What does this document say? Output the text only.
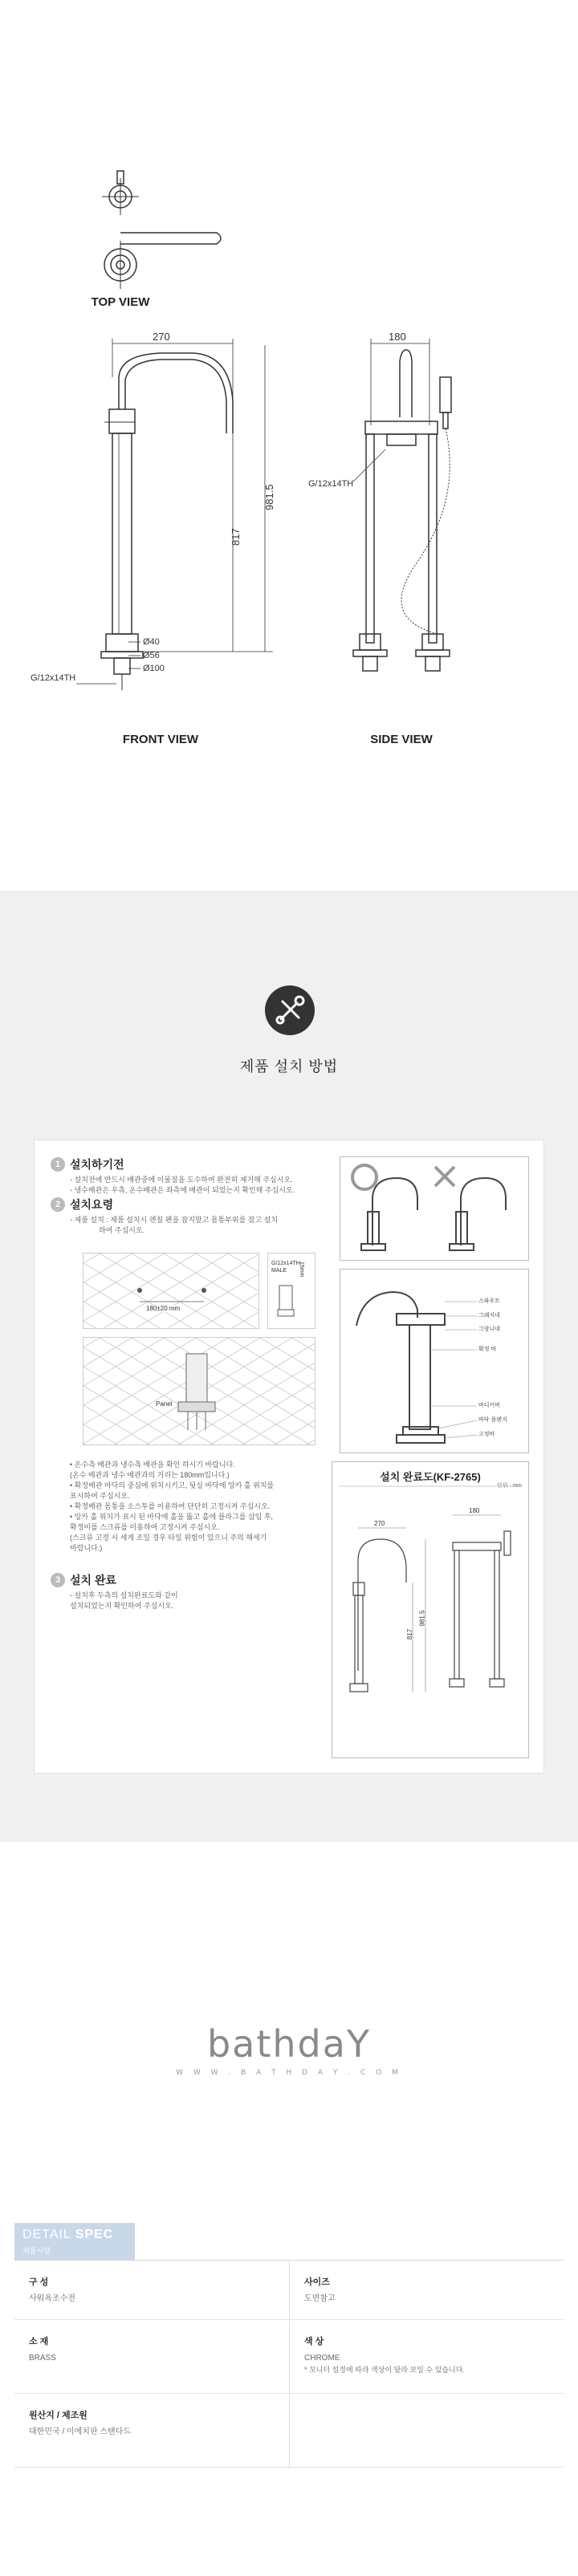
270
817
981.5
Ø40
Ø56
Ø100
G/12x14TH
180
G/12x14TH
TOP VIEW
FRONT VIEW	SIDE VIEW
제품 설치 방법
1 설치하기전
- 설치전에 반드시 배관중에 이물질을 도수하여 완전히 제거해 주십시오.
- 냉수배관은 우측, 온수배관은 좌측에 배관이 되었는지 확인해 주십시오.
2 설치요령
- 제품 설치 : 제품 설치시 렌칠 펜을 잡지말고 몸통부위를 잡고 설치
하여 주십시오.
180±20 mm
G/12x14TH MALE	15mm
Panel
• 온수측 배관과 냉수측 배관을 확인 하시기 바랍니다.
(온수 배관과 냉수 배관과의 거리는 180mm입니다.)
• 확정배관 바닥의 중심에 위치시키고, 뒷실 바닥에 앙카 홀 위치를
표시하여 주십시오.
• 확정배관 몸통을 소스투를 이용하여 단단히 고정시켜 주십시오.
• 앙카 홀 위치가 표시 된 바닥에 홀을 뚫고 홀에 플라그를 삽입 후,
확정비를 스크류를 이용하여 고정시켜 주십시오.
(스크류 고정 시 세게 조일 경우 타일 위험이 있으니 주의 해세기
바랍니다.)
3 설치 완료
- 설치후 두측의 설치완료도와 같이
설치되었는지 확인하여 주십시오.
스파우트
그래지네
그랑니네
확정 바
바디커버
바닥 플랜지
고정바
설치 완료도(KF-2765)
단위 : mm
180
270
817
981.5
bathdaY
W W W . B A T H D A Y . C O M
DETAIL SPEC
제품사양
구 성
샤워욕조수전
사이즈
도면참고
소 재
BRASS
색 상
CHROME
* 모니터 설정에 따라 색상이 달라 보일 수 있습니다.
원산지 / 제조원
대한민국 / 이에치판 스탠다드
